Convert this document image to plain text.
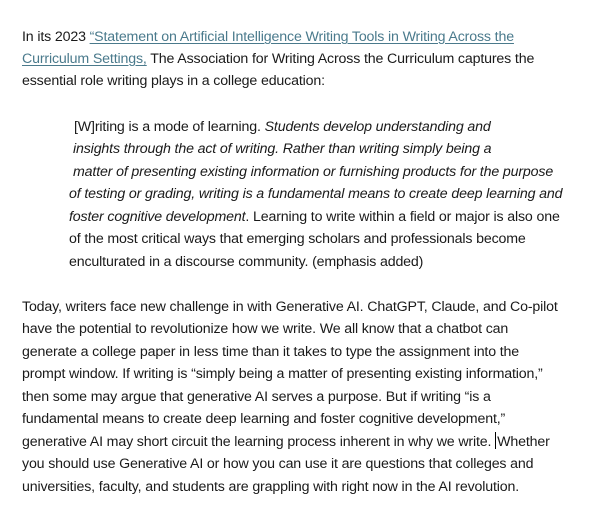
In its 2023 “Statement on Artificial Intelligence Writing Tools in Writing Across the
Curriculum Settings, The Association for Writing Across the Curriculum captures the
essential role writing plays in a college education:
[W]riting is a mode of learning. Students develop understanding and
insights through the act of writing. Rather than writing simply being a
matter of presenting existing information or furnishing products for the purpose
of testing or grading, writing is a fundamental means to create deep learning and
foster cognitive development. Learning to write within a field or major is also one
of the most critical ways that emerging scholars and professionals become
enculturated in a discourse community. (emphasis added)
Today, writers face new challenge in with Generative AI. ChatGPT, Claude, and Co-pilot
have the potential to revolutionize how we write. We all know that a chatbot can
generate a college paper in less time than it takes to type the assignment into the
prompt window. If writing is “simply being a matter of presenting existing information,”
then some may argue that generative AI serves a purpose. But if writing “is a
fundamental means to create deep learning and foster cognitive development,”
generative AI may short circuit the learning process inherent in why we write. Whether
you should use Generative AI or how you can use it are questions that colleges and
universities, faculty, and students are grappling with right now in the AI revolution.
